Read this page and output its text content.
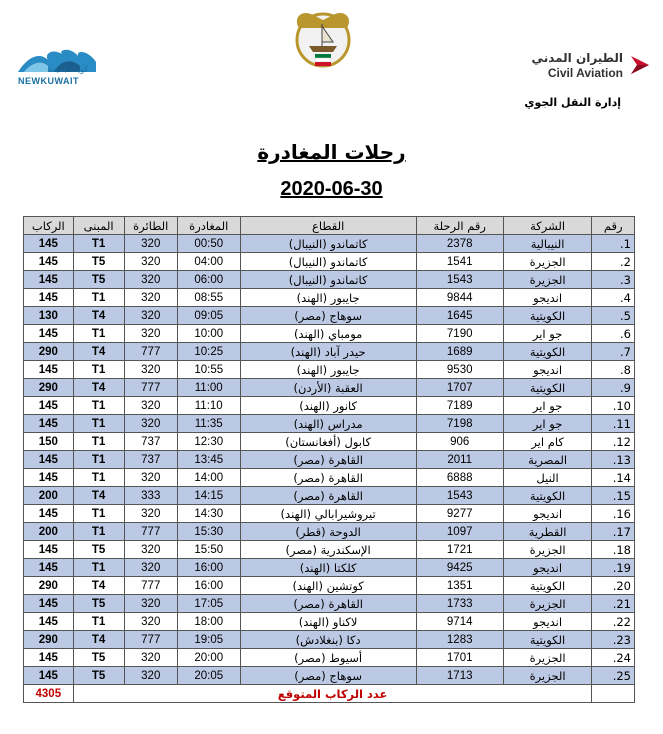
كويت جديدة
NEWKUWAIT
الطيران المدني
Civil Aviation
إدارة النقل الجوي
رحلات المغادرة
2020-06-30
رقم	الشركة	رقم الرحلة	القطاع	المغادرة	الطائرة	المبنى	الركاب
1.	النيبالية	2378	كاتماندو (النيبال)	00:50	320	T1	145
2.	الجزيرة	1541	كاتماندو (النيبال)	04:00	320	T5	145
3.	الجزيرة	1543	كاتماندو (النيبال)	06:00	320	T5	145
4.	انديجو	9844	جايبور (الهند)	08:55	320	T1	145
5.	الكويتية	1645	سوهاج (مصر)	09:05	320	T4	130
6.	جو اير	7190	مومباي (الهند)	10:00	320	T1	145
7.	الكويتية	1689	حيدر آباد (الهند)	10:25	777	T4	290
8.	انديجو	9530	جايبور (الهند)	10:55	320	T1	145
9.	الكويتية	1707	العقبة (الأردن)	11:00	777	T4	290
10.	جو اير	7189	كانور (الهند)	11:10	320	T1	145
11.	جو اير	7198	مدراس (الهند)	11:35	320	T1	145
12.	كام اير	906	كابول (أفغانستان)	12:30	737	T1	150
13.	المصرية	2011	القاهرة (مصر)	13:45	737	T1	145
14.	النيل	6888	القاهرة (مصر)	14:00	320	T1	145
15.	الكويتية	1543	القاهرة (مصر)	14:15	333	T4	200
16.	انديجو	9277	تيروشيرابالي (الهند)	14:30	320	T1	145
17.	القطرية	1097	الدوحة (قطر)	15:30	777	T1	200
18.	الجزيرة	1721	الإسكندرية (مصر)	15:50	320	T5	145
19.	انديجو	9425	كلكتا (الهند)	16:00	320	T1	145
20.	الكويتية	1351	كوتشين (الهند)	16:00	777	T4	290
21.	الجزيرة	1733	القاهرة (مصر)	17:05	320	T5	145
22.	انديجو	9714	لاكناو (الهند)	18:00	320	T1	145
23.	الكويتية	1283	دكا (بنغلادش)	19:05	777	T4	290
24.	الجزيرة	1701	أسيوط (مصر)	20:00	320	T5	145
25.	الجزيرة	1713	سوهاج (مصر)	20:05	320	T5	145
	عدد الركاب المتوقع						4305
